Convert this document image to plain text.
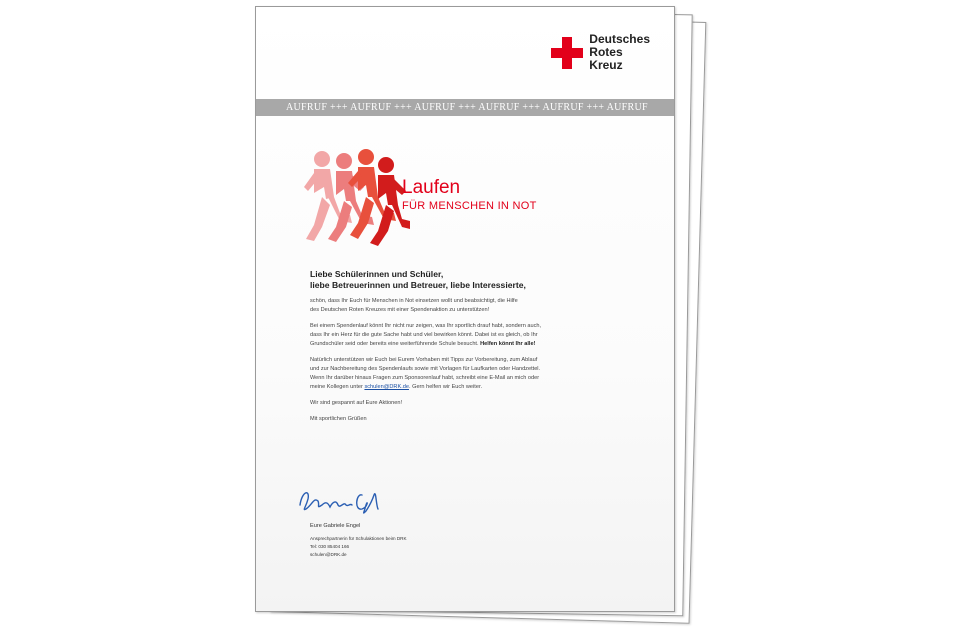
Deutsches
Rotes
Kreuz
AUFRUF +++ AUFRUF +++ AUFRUF +++ AUFRUF +++ AUFRUF +++ AUFRUF
Laufen
FÜR MENSCHEN IN NOT
Liebe Schülerinnen und Schüler,
liebe Betreuerinnen und Betreuer, liebe Interessierte,
schön, dass Ihr Euch für Menschen in Not einsetzen wollt und beabsichtigt, die Hilfe
des Deutschen Roten Kreuzes mit einer Spendenaktion zu unterstützen!
Bei einem Spendenlauf könnt Ihr nicht nur zeigen, was Ihr sportlich drauf habt, sondern auch,
dass Ihr ein Herz für die gute Sache habt und viel bewirken könnt. Dabei ist es gleich, ob Ihr
Grundschüler seid oder bereits eine weiterführende Schule besucht. Helfen könnt Ihr alle!
Natürlich unterstützen wir Euch bei Eurem Vorhaben mit Tipps zur Vorbereitung, zum Ablauf
und zur Nachbereitung des Spendenlaufs sowie mit Vorlagen für Laufkarten oder Handzettel.
Wenn Ihr darüber hinaus Fragen zum Sponsorenlauf habt, schreibt eine E-Mail an mich oder
meine Kollegen unter schulen@DRK.de. Gern helfen wir Euch weiter.
Wir sind gespannt auf Eure Aktionen!
Mit sportlichen Grüßen
Eure Gabriele Engel
Ansprechpartnerin für Schulaktionen beim DRK
Tel: 030 85404 166
schulen@DRK.de
